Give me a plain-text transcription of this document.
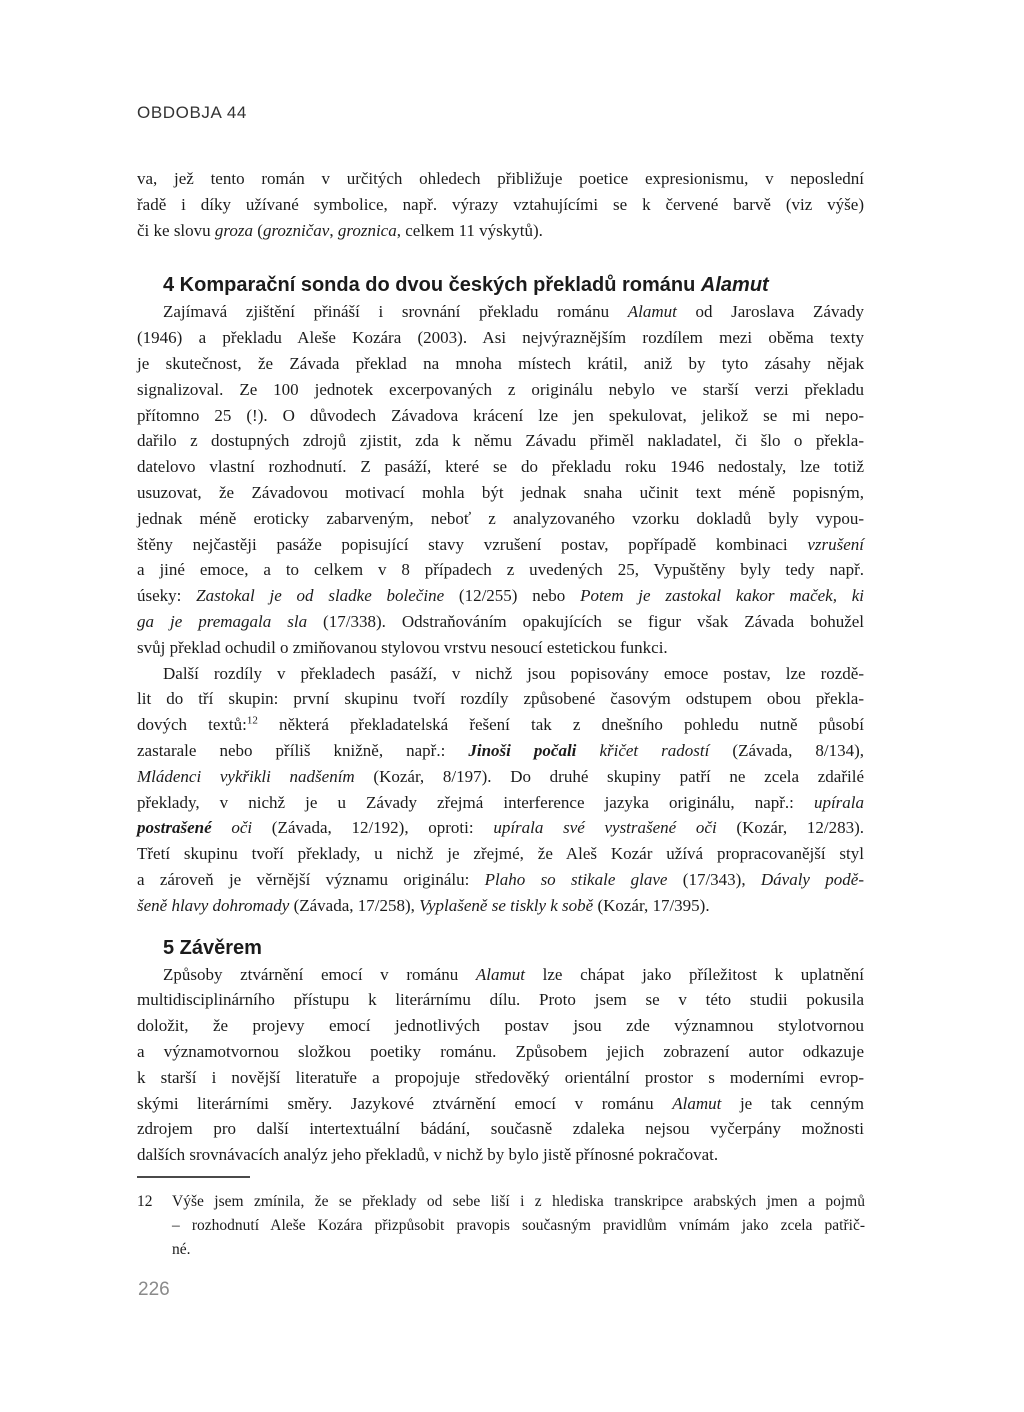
OBDOBJA 44
va, jež tento román v určitých ohledech přibližuje poetice expresionismu, v neposlední
řadě i díky užívané symbolice, např. výrazy vztahujícími se k červené barvě (viz výše)
či ke slovu groza (grozničav, groznica, celkem 11 výskytů).
4 Komparační sonda do dvou českých překladů románu Alamut
Zajímavá zjištění přináší i srovnání překladu románu Alamut od Jaroslava Závady
(1946) a překladu Aleše Kozára (2003). Asi nejvýraznějším rozdílem mezi oběma texty
je skutečnost, že Závada překlad na mnoha místech krátil, aniž by tyto zásahy nějak
signalizoval. Ze 100 jednotek excerpovaných z originálu nebylo ve starší verzi překladu
přítomno 25 (!). O důvodech Závadova krácení lze jen spekulovat, jelikož se mi nepo-
dařilo z dostupných zdrojů zjistit, zda k němu Závadu přiměl nakladatel, či šlo o překla-
datelovo vlastní rozhodnutí. Z pasáží, které se do překladu roku 1946 nedostaly, lze totiž
usuzovat, že Závadovou motivací mohla být jednak snaha učinit text méně popisným,
jednak méně eroticky zabarveným, neboť z analyzovaného vzorku dokladů byly vypou-
štěny nejčastěji pasáže popisující stavy vzrušení postav, popřípadě kombinaci vzrušení
a jiné emoce, a to celkem v 8 případech z uvedených 25, Vypuštěny byly tedy např.
úseky: Zastokal je od sladke bolečine (12/255) nebo Potem je zastokal kakor maček, ki
ga je premagala sla (17/338). Odstraňováním opakujících se figur však Závada bohužel
svůj překlad ochudil o zmiňovanou stylovou vrstvu nesoucí estetickou funkci.
Další rozdíly v překladech pasáží, v nichž jsou popisovány emoce postav, lze rozdě-
lit do tří skupin: první skupinu tvoří rozdíly způsobené časovým odstupem obou překla-
dových textů:$^{12}$ některá překladatelská řešení tak z dnešního pohledu nutně působí
zastarale nebo příliš knižně, např.: Jinoši počali křičet radostí (Závada, 8/134),
Mládenci vykřikli nadšením (Kozár, 8/197). Do druhé skupiny patří ne zcela zdařilé
překlady, v nichž je u Závady zřejmá interference jazyka originálu, např.: upírala
postrašené oči (Závada, 12/192), oproti: upírala své vystrašené oči (Kozár, 12/283).
Třetí skupinu tvoří překlady, u nichž je zřejmé, že Aleš Kozár užívá propracovanější styl
a zároveň je věrnější významu originálu: Plaho so stikale glave (17/343), Dávaly podě-
šeně hlavy dohromady (Závada, 17/258), Vyplašeně se tiskly k sobě (Kozár, 17/395).
5 Závěrem
Způsoby ztvárnění emocí v románu Alamut lze chápat jako příležitost k uplatnění
multidisciplinárního přístupu k literárnímu dílu. Proto jsem se v této studii pokusila
doložit, že projevy emocí jednotlivých postav jsou zde významnou stylotvornou
a významotvornou složkou poetiky románu. Způsobem jejich zobrazení autor odkazuje
k starší i novější literatuře a propojuje středověký orientální prostor s moderními evrop-
skými literárními směry. Jazykové ztvárnění emocí v románu Alamut je tak cenným
zdrojem pro další intertextuální bádání, současně zdaleka nejsou vyčerpány možnosti
dalších srovnávacích analýz jeho překladů, v nichž by bylo jistě přínosné pokračovat.
12 Výše jsem zmínila, že se překlady od sebe liší i z hlediska transkripce arabských jmen a pojmů
– rozhodnutí Aleše Kozára přizpůsobit pravopis současným pravidlům vnímám jako zcela patřič-
né.
226
